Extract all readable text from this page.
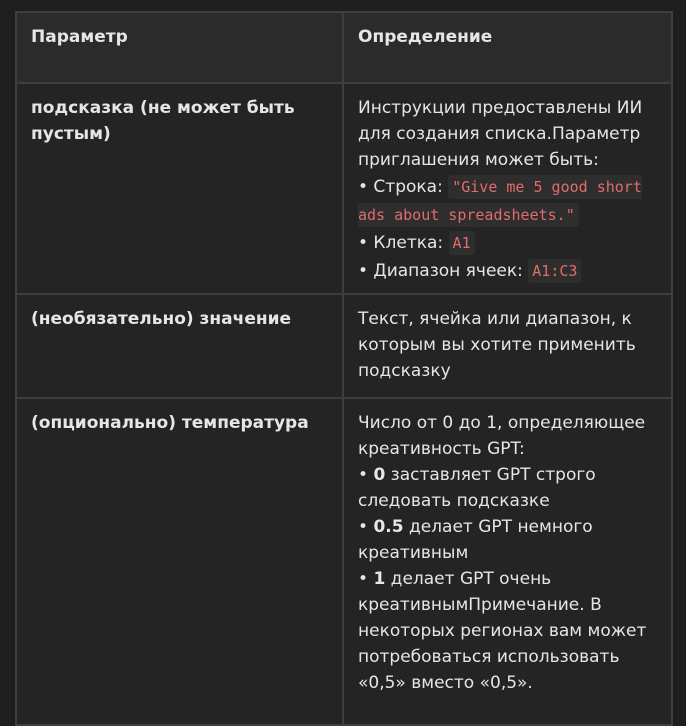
Параметр	Определение
подсказка (не может быть пустым)	Инструкции предоставлены ИИ для создания списка.Параметр приглашения может быть:
• Строка: "Give me 5 good short ads about spreadsheets."
• Клетка: A1
• Диапазон ячеек: A1:C3
(необязательно) значение	Текст, ячейка или диапазон, к которым вы хотите применить подсказку
(опционально) температура	Число от 0 до 1, определяющее креативность GPT:
• 0 заставляет GPT строго следовать подсказке
• 0.5 делает GPT немного креативным
• 1 делает GPT очень креативнымПримечание. В некоторых регионах вам может потребоваться использовать «0,5» вместо «0,5».
